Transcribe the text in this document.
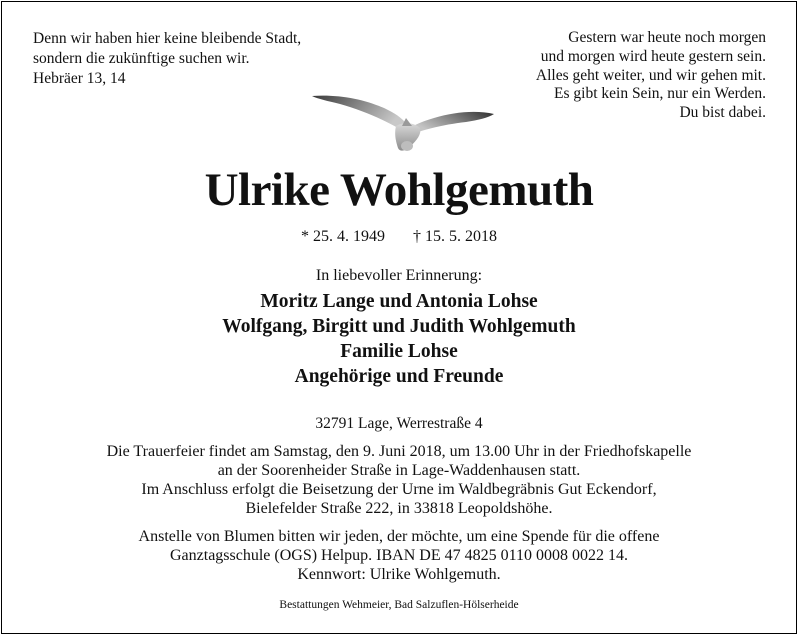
Denn wir haben hier keine bleibende Stadt,
sondern die zukünftige suchen wir.
Hebräer 13, 14
Gestern war heute noch morgen
und morgen wird heute gestern sein.
Alles geht weiter, und wir gehen mit.
Es gibt kein Sein, nur ein Werden.
Du bist dabei.
Ulrike Wohlgemuth
* 25. 4. 1949 † 15. 5. 2018
In liebevoller Erinnerung:
Moritz Lange und Antonia Lohse
Wolfgang, Birgitt und Judith Wohlgemuth
Familie Lohse
Angehörige und Freunde
32791 Lage, Werrestraße 4
Die Trauerfeier findet am Samstag, den 9. Juni 2018, um 13.00 Uhr in der Friedhofskapelle
an der Soorenheider Straße in Lage-Waddenhausen statt.
Im Anschluss erfolgt die Beisetzung der Urne im Waldbegräbnis Gut Eckendorf,
Bielefelder Straße 222, in 33818 Leopoldshöhe.
Anstelle von Blumen bitten wir jeden, der möchte, um eine Spende für die offene
Ganztagsschule (OGS) Helpup. IBAN DE 47 4825 0110 0008 0022 14.
Kennwort: Ulrike Wohlgemuth.
Bestattungen Wehmeier, Bad Salzuflen-Hölserheide
